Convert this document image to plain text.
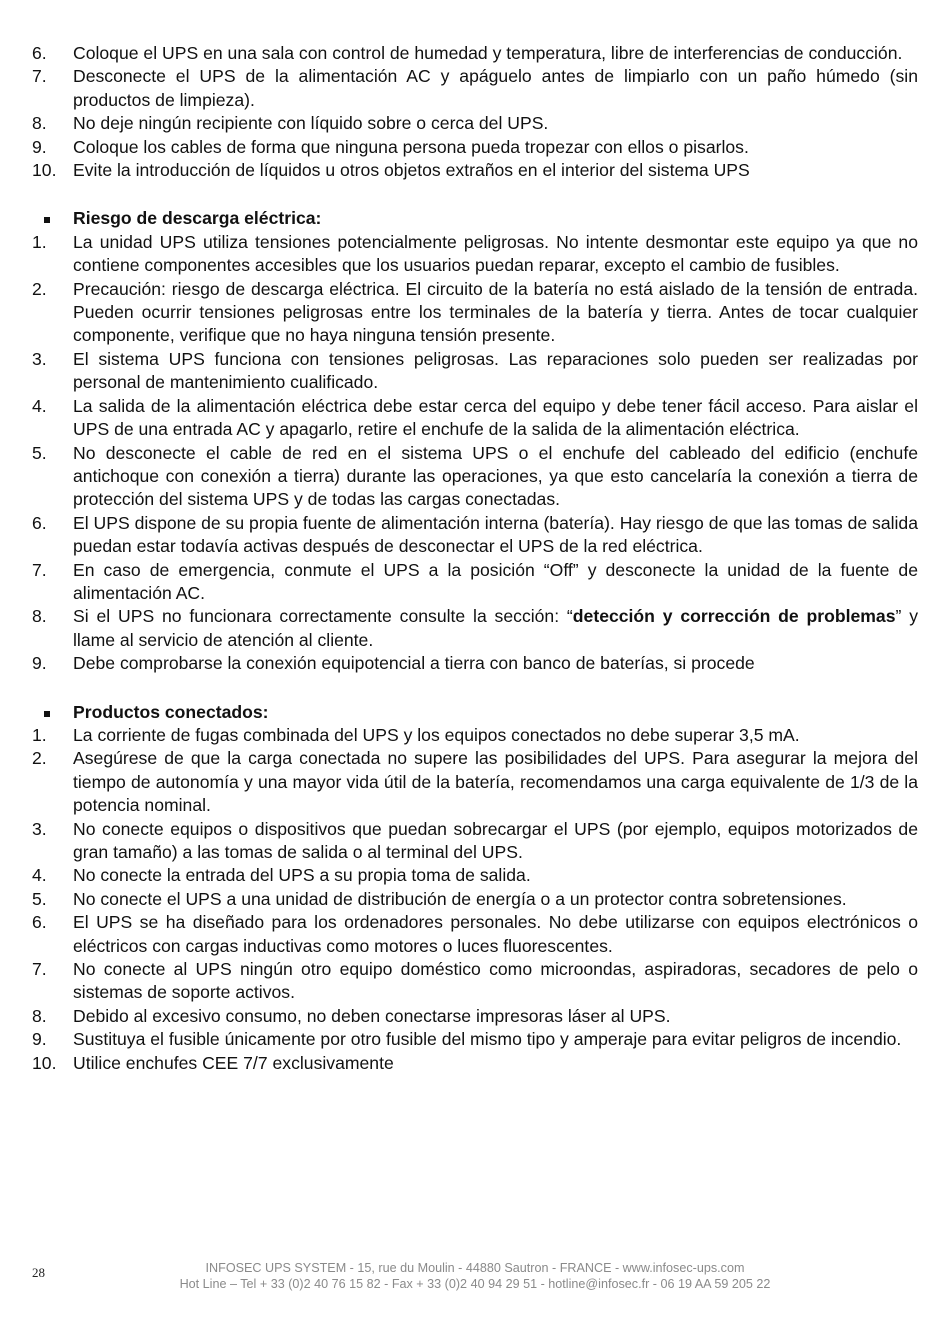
6.	Coloque el UPS en una sala con control de humedad y temperatura, libre de interferencias de conducción.
7.	Desconecte el UPS de la alimentación AC y apáguelo antes de limpiarlo con un paño húmedo (sin productos de limpieza).
8.	No deje ningún recipiente con líquido sobre o cerca del UPS.
9.	Coloque los cables de forma que ninguna persona pueda tropezar con ellos o pisarlos.
10. Evite la introducción de líquidos u otros objetos extraños en el interior del sistema UPS
Riesgo de descarga eléctrica:
1.	La unidad UPS utiliza tensiones potencialmente peligrosas. No intente desmontar este equipo ya que no contiene componentes accesibles que los usuarios puedan reparar, excepto el cambio de fusibles.
2.	Precaución: riesgo de descarga eléctrica. El circuito de la batería no está aislado de la tensión de entrada. Pueden ocurrir tensiones peligrosas entre los terminales de la batería y tierra. Antes de tocar cualquier componente, verifique que no haya ninguna tensión presente.
3.	El sistema UPS funciona con tensiones peligrosas. Las reparaciones solo pueden ser realizadas por personal de mantenimiento cualificado.
4.	La salida de la alimentación eléctrica debe estar cerca del equipo y debe tener fácil acceso. Para aislar el UPS de una entrada AC y apagarlo, retire el enchufe de la salida de la alimentación eléctrica.
5.	No desconecte el cable de red en el sistema UPS o el enchufe del cableado del edificio (enchufe antichoque con conexión a tierra) durante las operaciones, ya que esto cancelaría la conexión a tierra de protección del sistema UPS y de todas las cargas conectadas.
6.	El UPS dispone de su propia fuente de alimentación interna (batería). Hay riesgo de que las tomas de salida puedan estar todavía activas después de desconectar el UPS de la red eléctrica.
7.	En caso de emergencia, conmute el UPS a la posición “Off” y desconecte la unidad de la fuente de alimentación AC.
8.	Si el UPS no funcionara correctamente consulte la sección: “detección y corrección de problemas” y llame al servicio de atención al cliente.
9.	Debe comprobarse la conexión equipotencial a tierra con banco de baterías, si procede
Productos conectados:
1.	La corriente de fugas combinada del UPS y los equipos conectados no debe superar 3,5 mA.
2.	Asegúrese de que la carga conectada no supere las posibilidades del UPS. Para asegurar la mejora del tiempo de autonomía y una mayor vida útil de la batería, recomendamos una carga equivalente de 1/3 de la potencia nominal.
3.	No conecte equipos o dispositivos que puedan sobrecargar el UPS (por ejemplo, equipos motorizados de gran tamaño) a las tomas de salida o al terminal del UPS.
4.	No conecte la entrada del UPS a su propia toma de salida.
5.	No conecte el UPS a una unidad de distribución de energía o a un protector contra sobretensiones.
6.	El UPS se ha diseñado para los ordenadores personales. No debe utilizarse con equipos electrónicos o eléctricos con cargas inductivas como motores o luces fluorescentes.
7.	No conecte al UPS ningún otro equipo doméstico como microondas, aspiradoras, secadores de pelo o sistemas de soporte activos.
8.	Debido al excesivo consumo, no deben conectarse impresoras láser al UPS.
9.	Sustituya el fusible únicamente por otro fusible del mismo tipo y amperaje para evitar peligros de incendio.
10. Utilice enchufes CEE 7/7 exclusivamente
28	INFOSEC UPS SYSTEM - 15, rue du Moulin - 44880 Sautron - FRANCE - www.infosec-ups.com
Hot Line – Tel + 33 (0)2 40 76 15 82 - Fax + 33 (0)2 40 94 29 51 - hotline@infosec.fr - 06 19 AA 59 205 22
